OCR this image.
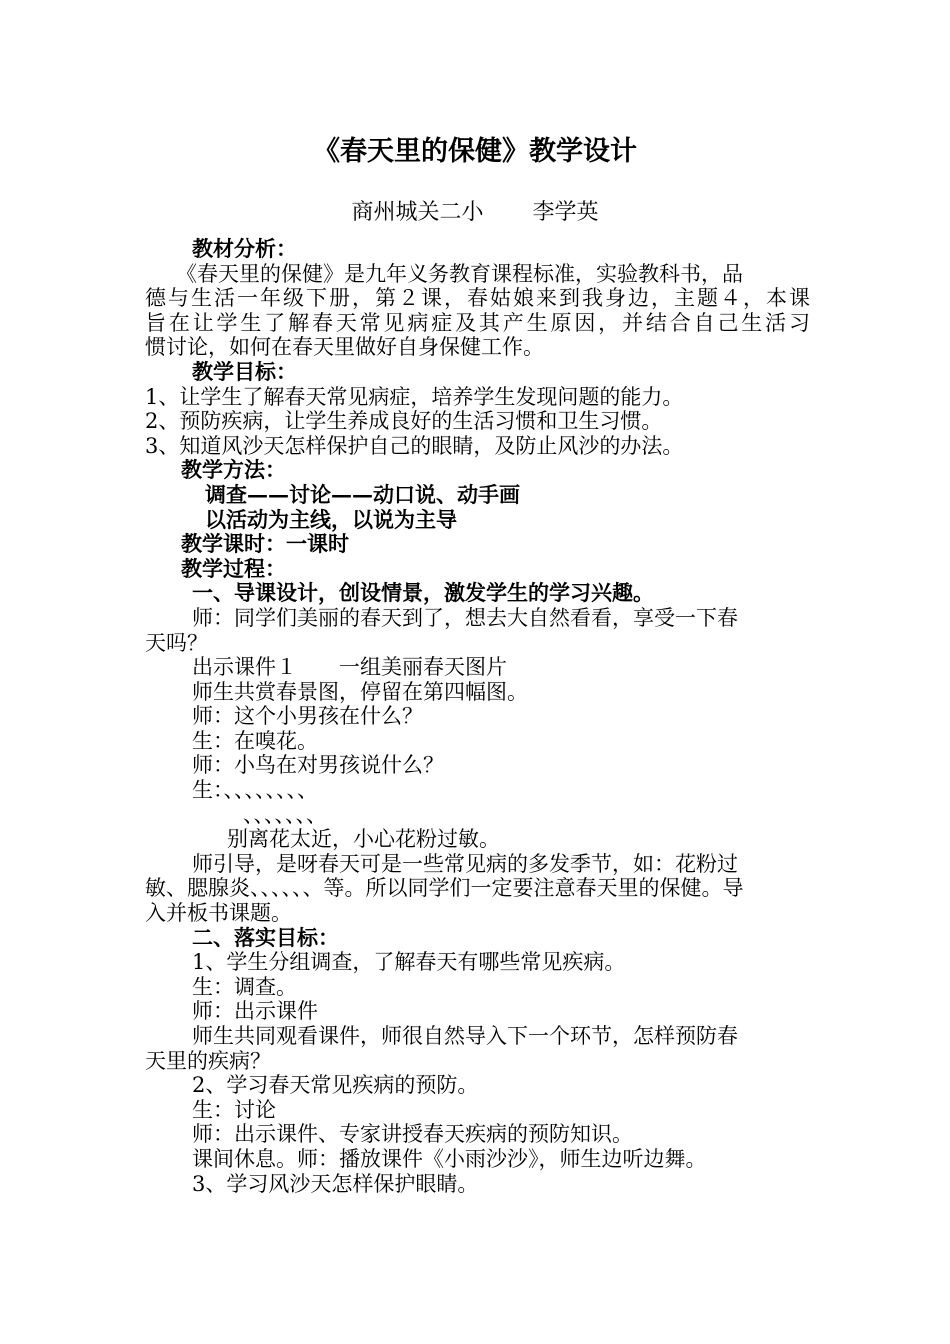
《春天里的保健》教学设计
商州城关二小       李学英
教材分析：
《春天里的保健》是九年义务教育课程标准，实验教科书，品
德与生活一年级下册，第２课，春姑娘来到我身边，主题４，本课
旨在让学生了解春天常见病症及其产生原因，并结合自己生活习
惯讨论，如何在春天里做好自身保健工作。
教学目标：
1、让学生了解春天常见病症，培养学生发现问题的能力。
2、预防疾病，让学生养成良好的生活习惯和卫生习惯。
3、知道风沙天怎样保护自己的眼睛，及防止风沙的办法。
教学方法：
调查——讨论——动口说、动手画
以活动为主线，以说为主导
教学课时：一课时
教学过程：
一、导课设计，创设情景，激发学生的学习兴趣。
师：同学们美丽的春天到了，想去大自然看看，享受一下春
天吗？
出示课件１　　一组美丽春天图片
师生共赏春景图，停留在第四幅图。
师：这个小男孩在什么？
生：在嗅花。
师：小鸟在对男孩说什么？
生：、、、、、、、、
、、、、、、、
别离花太近，小心花粉过敏。
师引导，是呀春天可是一些常见病的多发季节，如：花粉过
敏、腮腺炎、、、、、、等。所以同学们一定要注意春天里的保健。导
入并板书课题。
二、落实目标：
1、学生分组调查，了解春天有哪些常见疾病。
生：调查。
师：出示课件
师生共同观看课件，师很自然导入下一个环节，怎样预防春
天里的疾病？
2、学习春天常见疾病的预防。
生：讨论
师：出示课件、专家讲授春天疾病的预防知识。
课间休息。师：播放课件《小雨沙沙》，师生边听边舞。
3、学习风沙天怎样保护眼睛。
